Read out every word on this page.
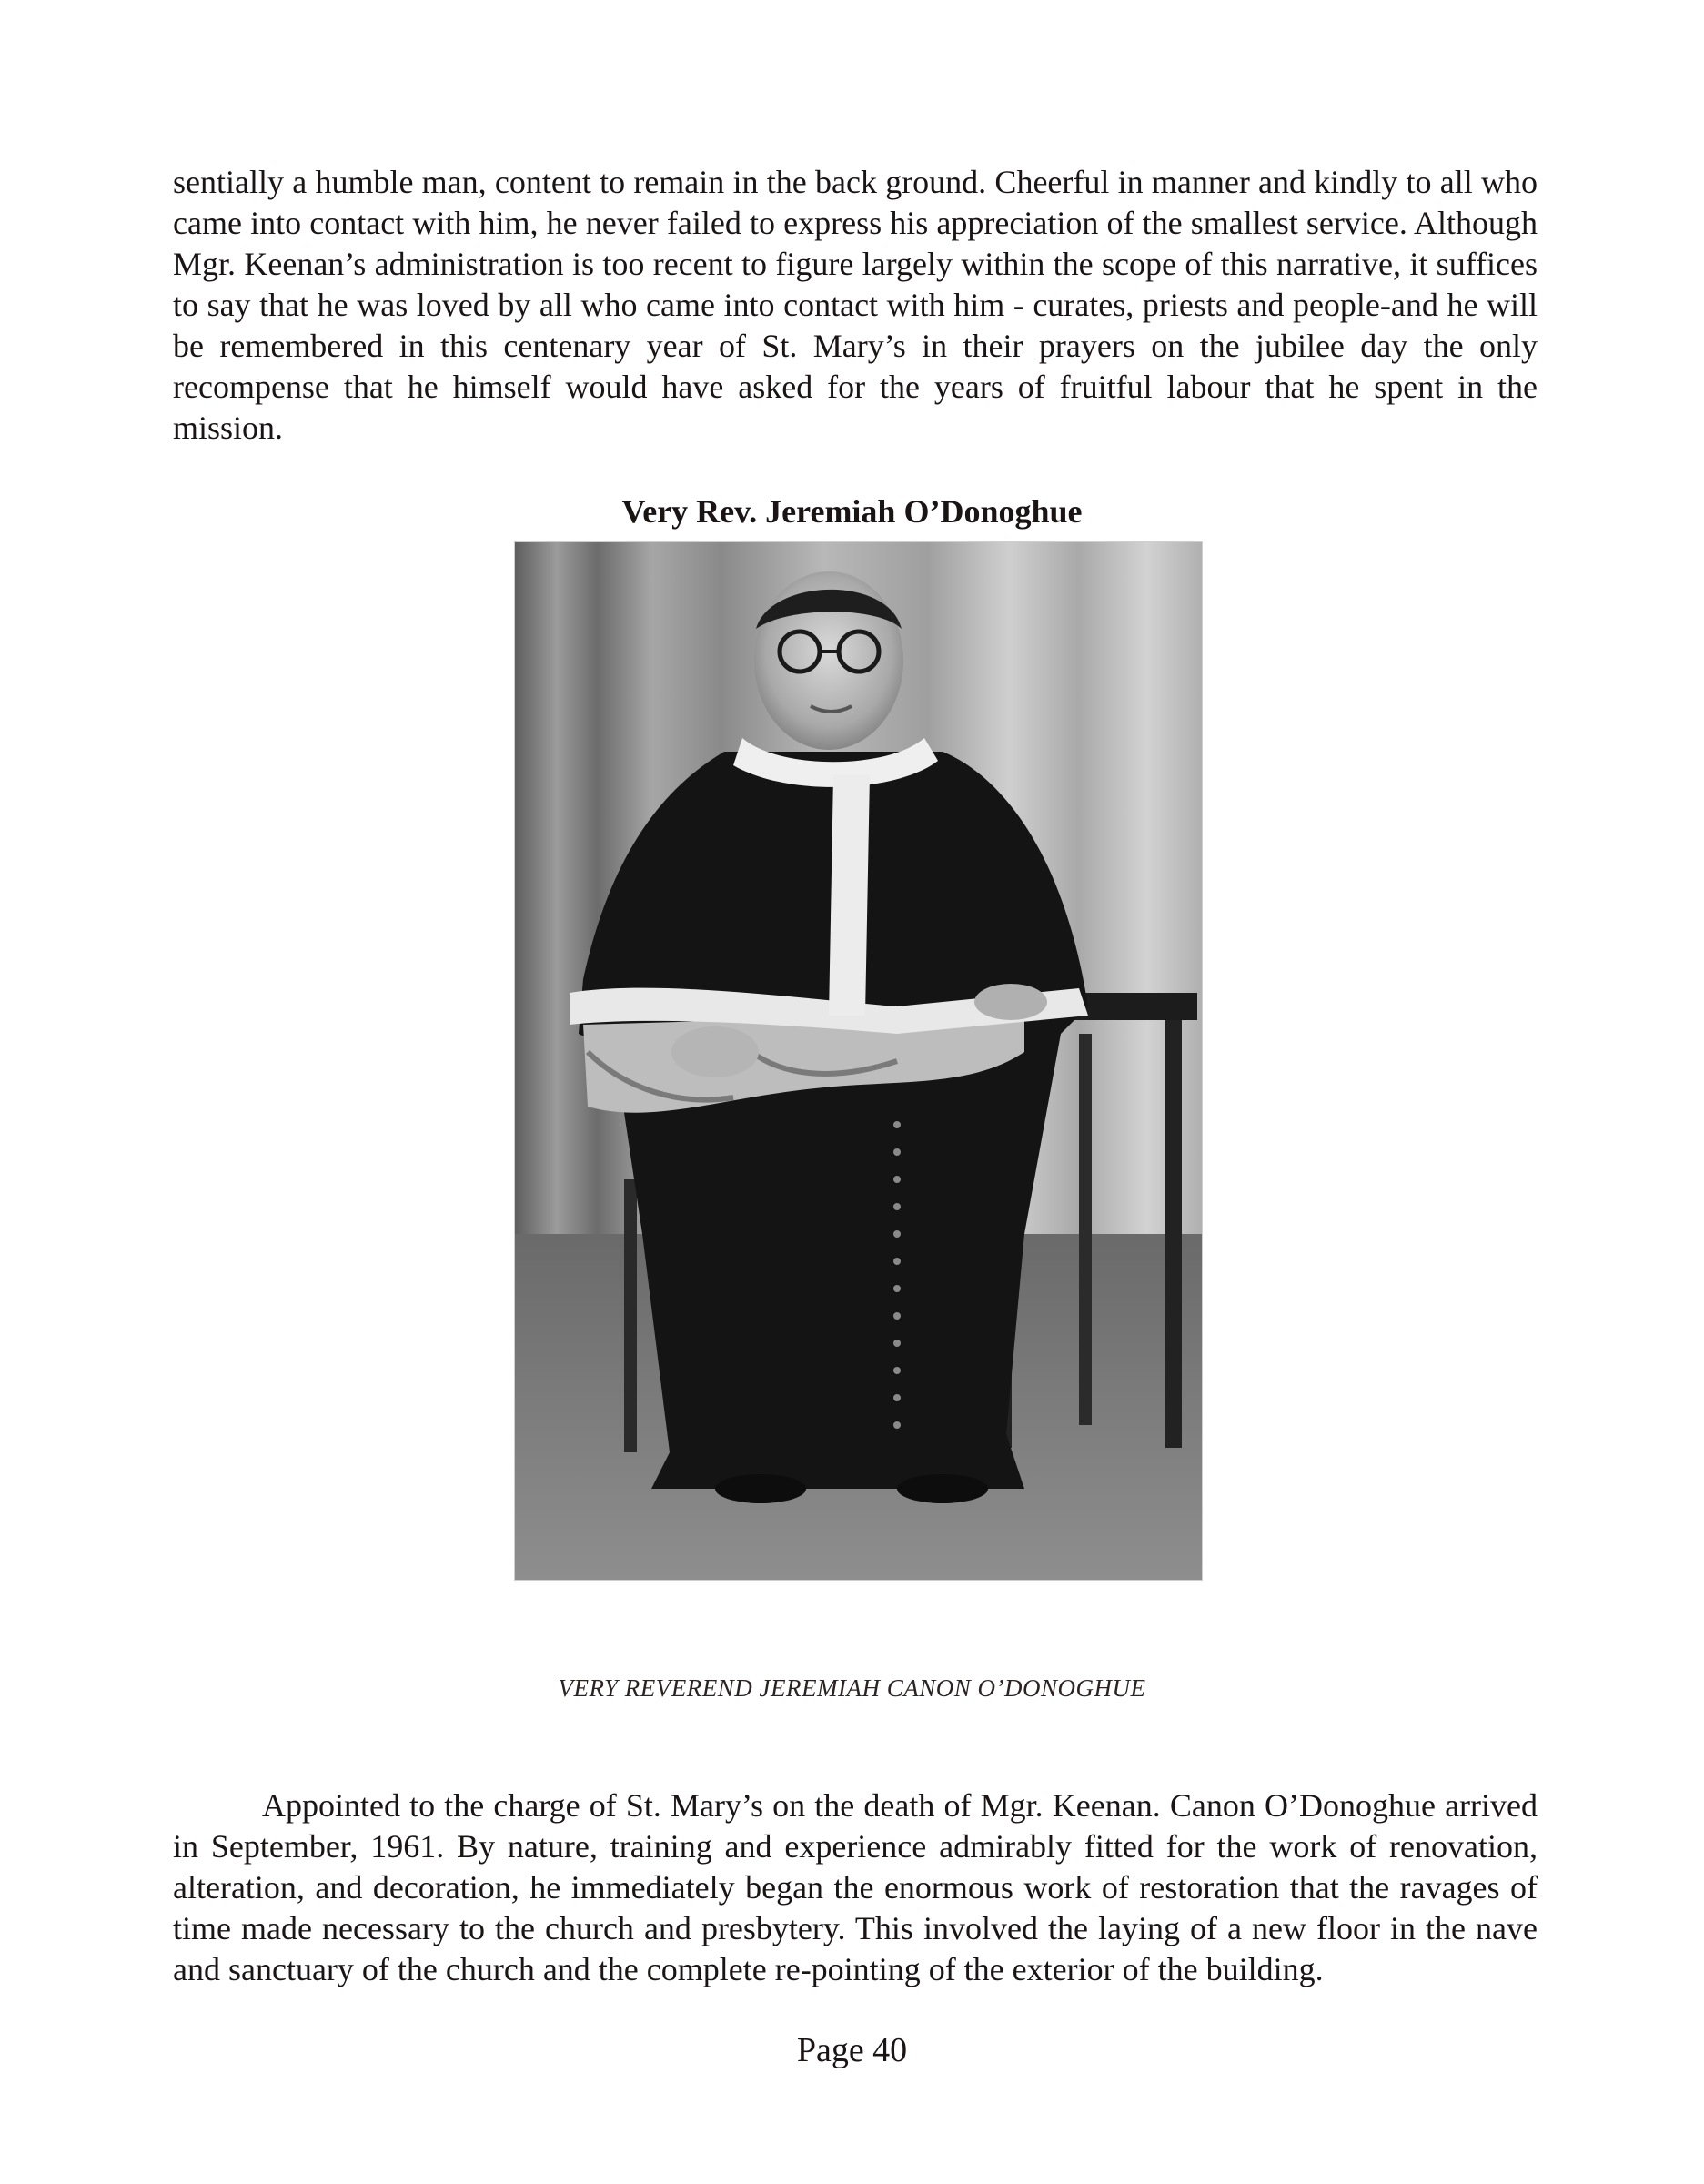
sentially a humble man, content to remain in the back ground. Cheerful in manner and kindly to all who came into contact with him, he never failed to express his appreciation of the smallest service. Although Mgr. Keenan’s administration is too recent to figure largely within the scope of this narrative, it suffices to say that he was loved by all who came into contact with him - curates, priests and people-and he will be remembered in this centenary year of St. Mary’s in their prayers on the jubilee day the only recompense that he himself would have asked for the years of fruitful labour that he spent in the mission.

Very Rev. Jeremiah O’Donoghue

VERY REVEREND JEREMIAH CANON O’DONOGHUE

Appointed to the charge of St. Mary’s on the death of Mgr. Keenan. Canon O’Donoghue arrived in September, 1961. By nature, training and experience admirably fitted for the work of renovation, alteration, and decoration, he immediately began the enormous work of restoration that the ravages of time made necessary to the church and presbytery. This involved the laying of a new floor in the nave and sanctuary of the church and the complete re-pointing of the exterior of the building.

Page 40
